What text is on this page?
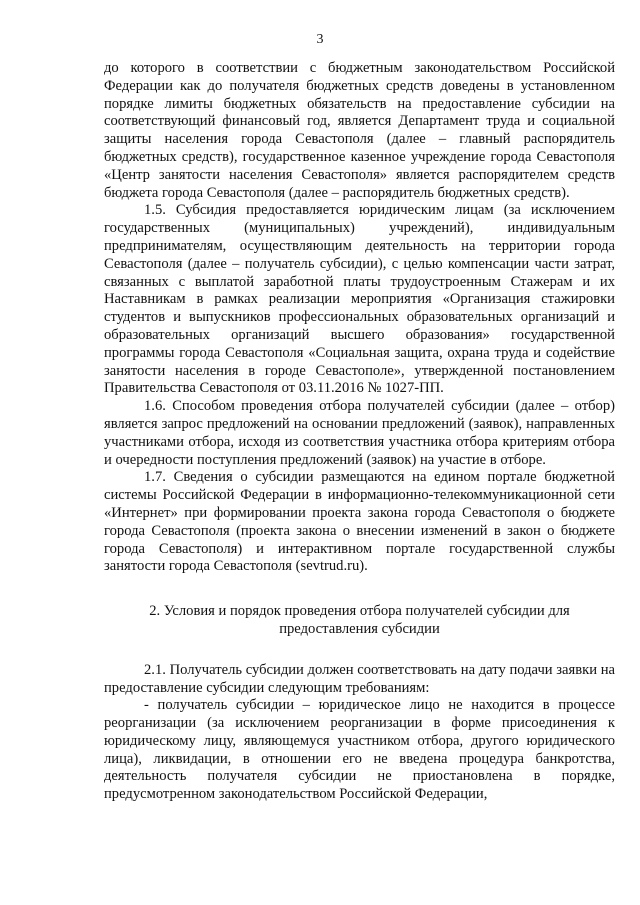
3

до которого в соответствии с бюджетным законодательством Российской Федерации как до получателя бюджетных средств доведены в установленном порядке лимиты бюджетных обязательств на предоставление субсидии на соответствующий финансовый год, является Департамент труда и социальной защиты населения города Севастополя (далее – главный распорядитель бюджетных средств), государственное казенное учреждение города Севастополя «Центр занятости населения Севастополя» является распорядителем средств бюджета города Севастополя (далее – распорядитель бюджетных средств).

1.5. Субсидия предоставляется юридическим лицам (за исключением государственных (муниципальных) учреждений), индивидуальным предпринимателям, осуществляющим деятельность на территории города Севастополя (далее – получатель субсидии), с целью компенсации части затрат, связанных с выплатой заработной платы трудоустроенным Стажерам и их Наставникам в рамках реализации мероприятия «Организация стажировки студентов и выпускников профессиональных образовательных организаций и образовательных организаций высшего образования» государственной программы города Севастополя «Социальная защита, охрана труда и содействие занятости населения в городе Севастополе», утвержденной постановлением Правительства Севастополя от 03.11.2016 № 1027-ПП.

1.6. Способом проведения отбора получателей субсидии (далее – отбор) является запрос предложений на основании предложений (заявок), направленных участниками отбора, исходя из соответствия участника отбора критериям отбора и очередности поступления предложений (заявок) на участие в отборе.

1.7. Сведения о субсидии размещаются на едином портале бюджетной системы Российской Федерации в информационно-телекоммуникационной сети «Интернет» при формировании проекта закона города Севастополя о бюджете города Севастополя (проекта закона о внесении изменений в закон о бюджете города Севастополя) и интерактивном портале государственной службы занятости города Севастополя (sevtrud.ru).

2. Условия и порядок проведения отбора получателей субсидии для предоставления субсидии

2.1. Получатель субсидии должен соответствовать на дату подачи заявки на предоставление субсидии следующим требованиям:

- получатель субсидии – юридическое лицо не находится в процессе реорганизации (за исключением реорганизации в форме присоединения к юридическому лицу, являющемуся участником отбора, другого юридического лица), ликвидации, в отношении его не введена процедура банкротства, деятельность получателя субсидии не приостановлена в порядке, предусмотренном законодательством Российской Федерации,
